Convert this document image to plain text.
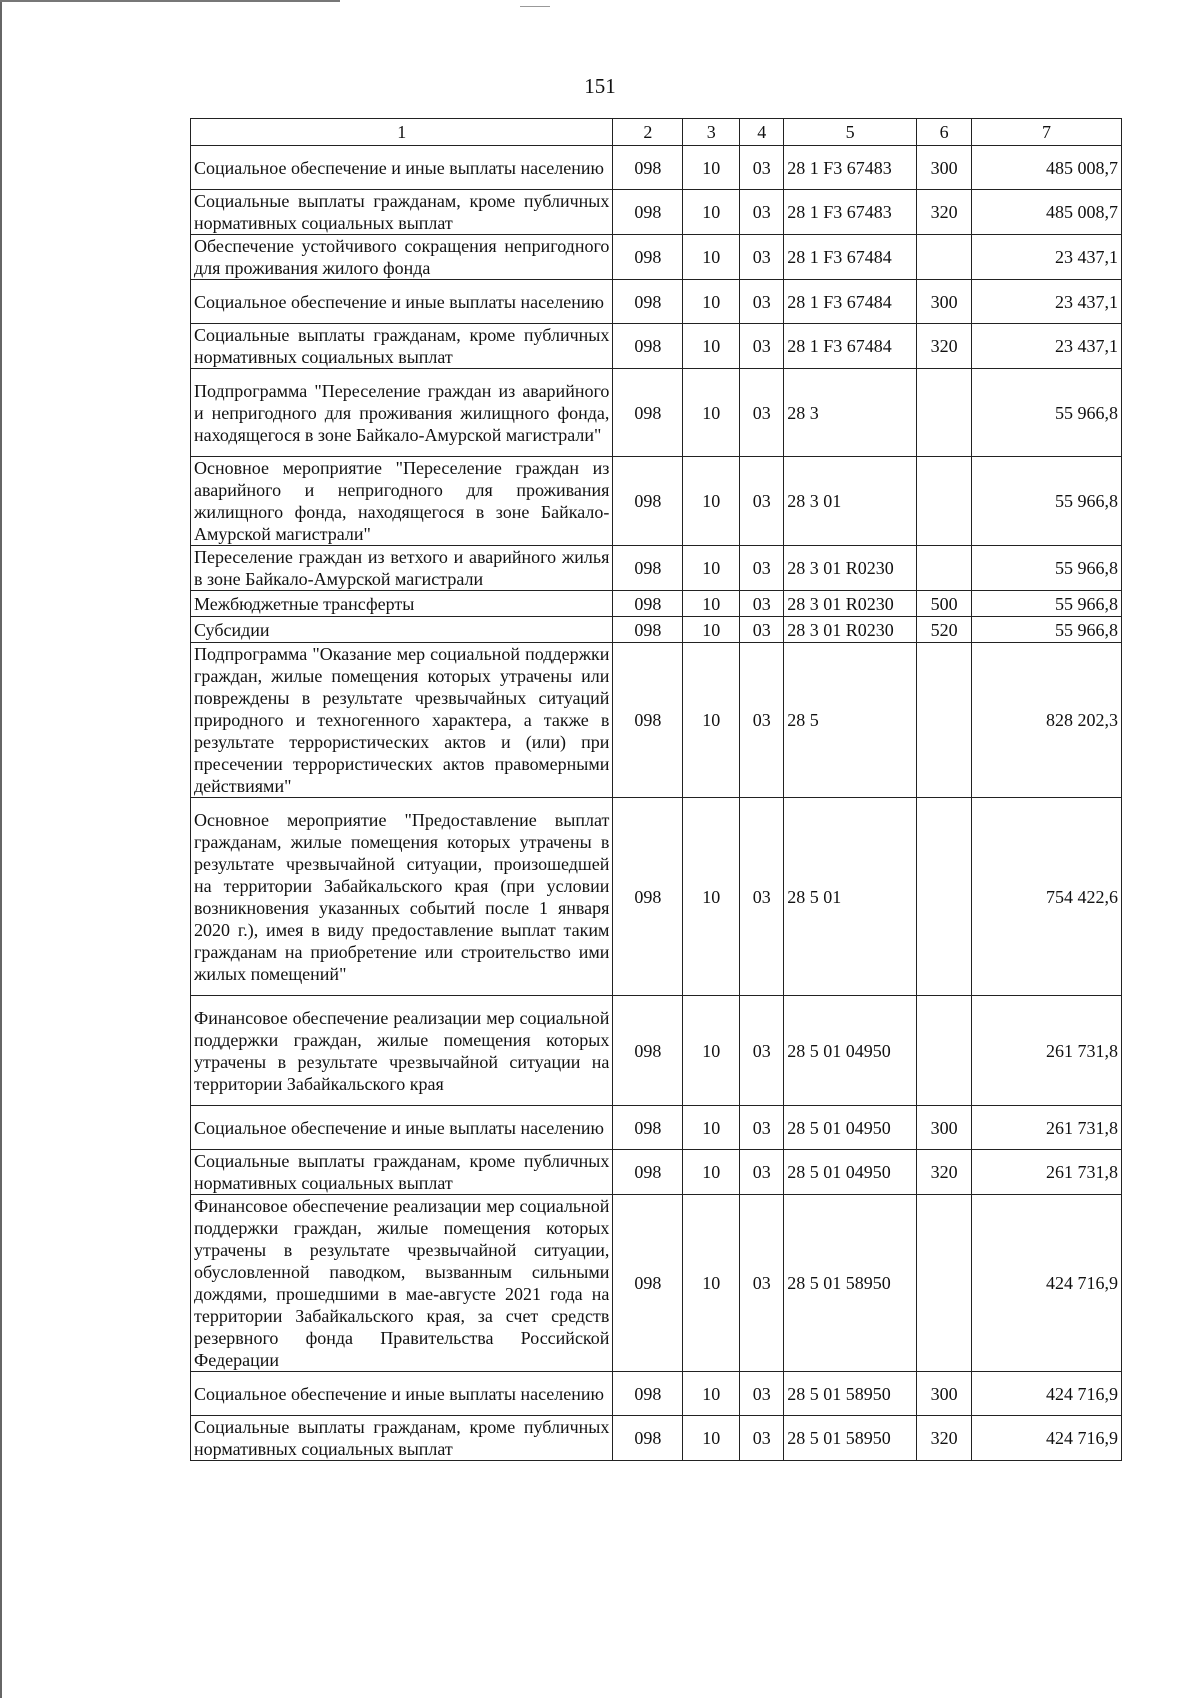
151
1	2	3	4	5	6	7
Социальное обеспечение и иные выплаты населению	098	10	03	28 1 F3 67483	300	485 008,7
Социальные выплаты гражданам, кроме публичных нормативных социальных выплат	098	10	03	28 1 F3 67483	320	485 008,7
Обеспечение устойчивого сокращения непригодного для проживания жилого фонда	098	10	03	28 1 F3 67484		23 437,1
Социальное обеспечение и иные выплаты населению	098	10	03	28 1 F3 67484	300	23 437,1
Социальные выплаты гражданам, кроме публичных нормативных социальных выплат	098	10	03	28 1 F3 67484	320	23 437,1
Подпрограмма "Переселение граждан из аварийного и непригодного для проживания жилищного фонда, находящегося в зоне Байкало-Амурской магистрали"	098	10	03	28 3		55 966,8
Основное мероприятие "Переселение граждан из аварийного и непригодного для проживания жилищного фонда, находящегося в зоне Байкало-Амурской магистрали"	098	10	03	28 3 01		55 966,8
Переселение граждан из ветхого и аварийного жилья в зоне Байкало-Амурской магистрали	098	10	03	28 3 01 R0230		55 966,8
Межбюджетные трансферты	098	10	03	28 3 01 R0230	500	55 966,8
Субсидии	098	10	03	28 3 01 R0230	520	55 966,8
Подпрограмма "Оказание мер социальной поддержки граждан, жилые помещения которых утрачены или повреждены в результате чрезвычайных ситуаций природного и техногенного характера, а также в результате террористических актов и (или) при пресечении террористических актов правомерными действиями"	098	10	03	28 5		828 202,3
Основное мероприятие "Предоставление выплат гражданам, жилые помещения которых утрачены в результате чрезвычайной ситуации, произошедшей на территории Забайкальского края (при условии возникновения указанных событий после 1 января 2020 г.), имея в виду предоставление выплат таким гражданам на приобретение или строительство ими жилых помещений"	098	10	03	28 5 01		754 422,6
Финансовое обеспечение реализации мер социальной поддержки граждан, жилые помещения которых утрачены в результате чрезвычайной ситуации на территории Забайкальского края	098	10	03	28 5 01 04950		261 731,8
Социальное обеспечение и иные выплаты населению	098	10	03	28 5 01 04950	300	261 731,8
Социальные выплаты гражданам, кроме публичных нормативных социальных выплат	098	10	03	28 5 01 04950	320	261 731,8
Финансовое обеспечение реализации мер социальной поддержки граждан, жилые помещения которых утрачены в результате чрезвычайной ситуации, обусловленной паводком, вызванным сильными дождями, прошедшими в мае-августе 2021 года на территории Забайкальского края, за счет средств резервного фонда Правительства Российской Федерации	098	10	03	28 5 01 58950		424 716,9
Социальное обеспечение и иные выплаты населению	098	10	03	28 5 01 58950	300	424 716,9
Социальные выплаты гражданам, кроме публичных нормативных социальных выплат	098	10	03	28 5 01 58950	320	424 716,9
